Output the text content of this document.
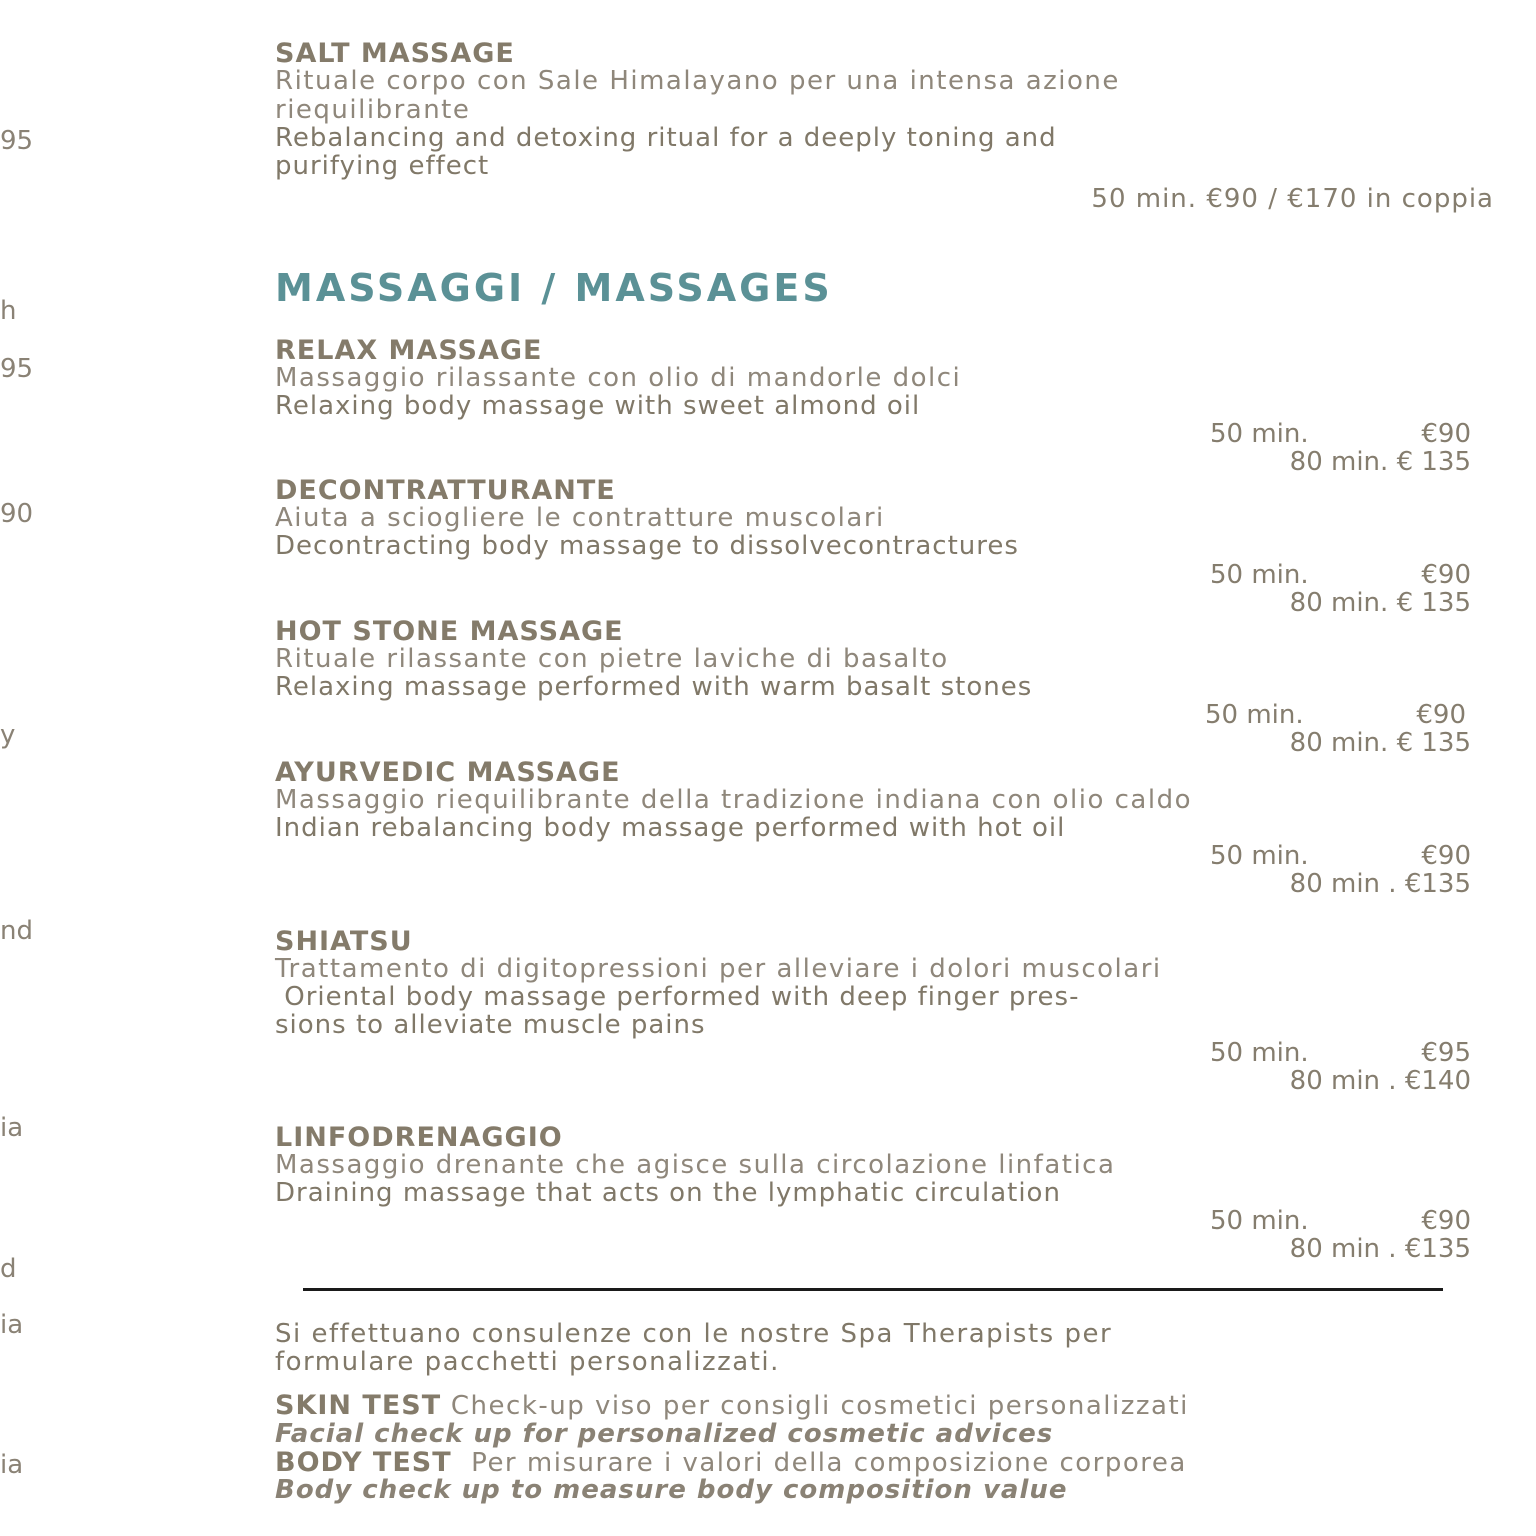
95
h
95
90
y
nd
ia
d
ia
ia
SALT MASSAGE
Rituale corpo con Sale Himalayano per una intensa azione
riequilibrante
Rebalancing and detoxing ritual for a deeply toning and
purifying effect
50 min. €90 / €170 in coppia
MASSAGGI / MASSAGES
RELAX MASSAGE
Massaggio rilassante con olio di mandorle dolci
Relaxing body massage with sweet almond oil
50 min.	€90
80 min. € 135
DECONTRATTURANTE
Aiuta a sciogliere le contratture muscolari
Decontracting body massage to dissolvecontractures
50 min.	€90
80 min. € 135
HOT STONE MASSAGE
Rituale rilassante con pietre laviche di basalto
Relaxing massage performed with warm basalt stones
50 min.	€90
80 min. € 135
AYURVEDIC MASSAGE
Massaggio riequilibrante della tradizione indiana con olio caldo
Indian rebalancing body massage performed with hot oil
50 min.	€90
80 min . €135
SHIATSU
Trattamento di digitopressioni per alleviare i dolori muscolari
Oriental body massage performed with deep finger pres-
sions to alleviate muscle pains
50 min.	€95
80 min . €140
LINFODRENAGGIO
Massaggio drenante che agisce sulla circolazione linfatica
Draining massage that acts on the lymphatic circulation
50 min.	€90
80 min . €135
Si effettuano consulenze con le nostre Spa Therapists per
formulare pacchetti personalizzati.
SKIN TEST Check-up viso per consigli cosmetici personalizzati
Facial check up for personalized cosmetic advices
BODY TEST  Per misurare i valori della composizione corporea
Body check up to measure body composition value
